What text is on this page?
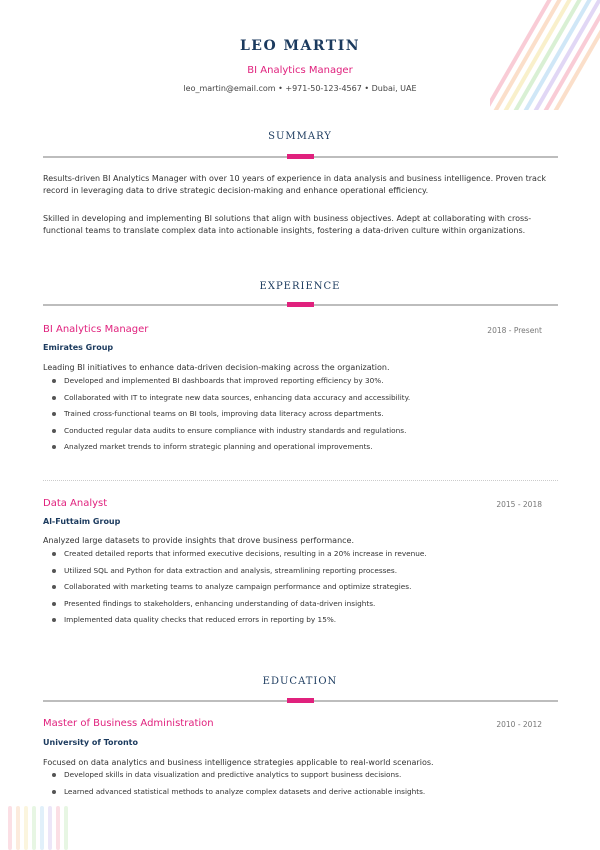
LEO MARTIN
BI Analytics Manager
leo_martin@email.com • +971-50-123-4567 • Dubai, UAE
SUMMARY
Results-driven BI Analytics Manager with over 10 years of experience in data analysis and business intelligence. Proven track record in leveraging data to drive strategic decision-making and enhance operational efficiency.
Skilled in developing and implementing BI solutions that align with business objectives. Adept at collaborating with cross-functional teams to translate complex data into actionable insights, fostering a data-driven culture within organizations.
EXPERIENCE
BI Analytics Manager	2018 - Present
Emirates Group
Leading BI initiatives to enhance data-driven decision-making across the organization.
Developed and implemented BI dashboards that improved reporting efficiency by 30%.
Collaborated with IT to integrate new data sources, enhancing data accuracy and accessibility.
Trained cross-functional teams on BI tools, improving data literacy across departments.
Conducted regular data audits to ensure compliance with industry standards and regulations.
Analyzed market trends to inform strategic planning and operational improvements.
Data Analyst	2015 - 2018
Al-Futtaim Group
Analyzed large datasets to provide insights that drove business performance.
Created detailed reports that informed executive decisions, resulting in a 20% increase in revenue.
Utilized SQL and Python for data extraction and analysis, streamlining reporting processes.
Collaborated with marketing teams to analyze campaign performance and optimize strategies.
Presented findings to stakeholders, enhancing understanding of data-driven insights.
Implemented data quality checks that reduced errors in reporting by 15%.
EDUCATION
Master of Business Administration	2010 - 2012
University of Toronto
Focused on data analytics and business intelligence strategies applicable to real-world scenarios.
Developed skills in data visualization and predictive analytics to support business decisions.
Learned advanced statistical methods to analyze complex datasets and derive actionable insights.
